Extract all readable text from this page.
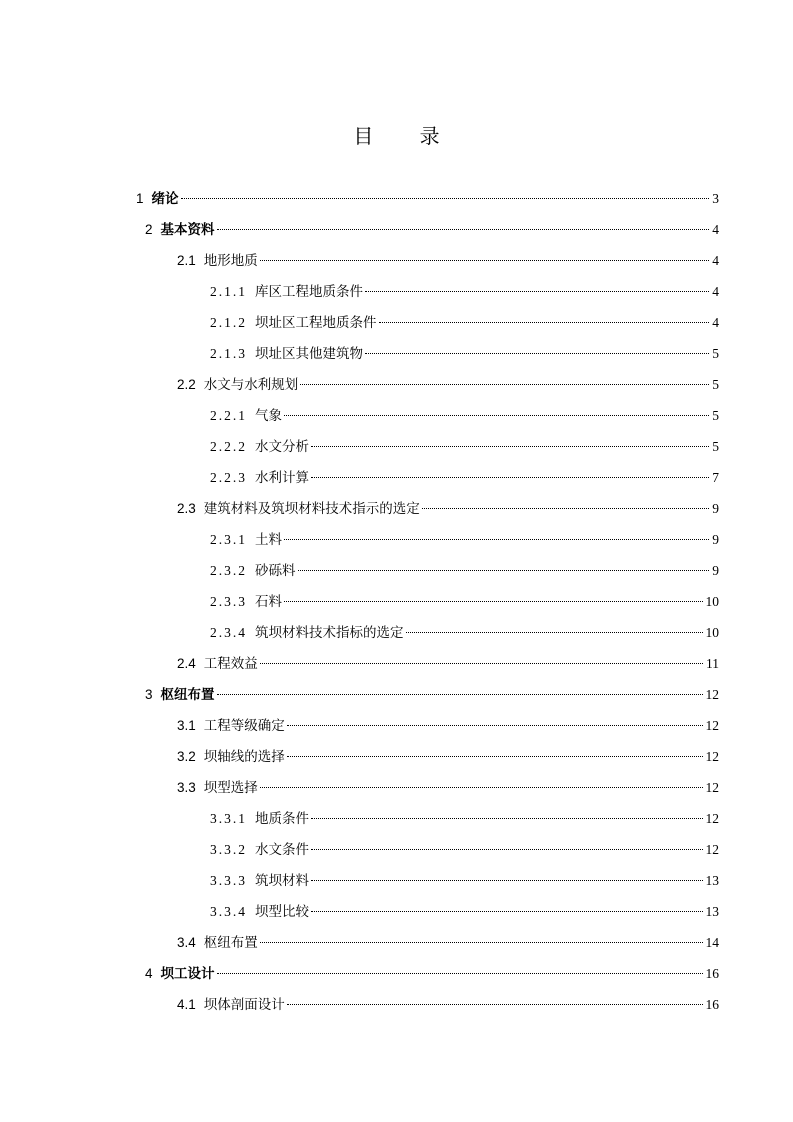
目 录
1 绪论	3
2 基本资料	4
2.1 地形地质	4
2.1.1 库区工程地质条件	4
2.1.2 坝址区工程地质条件	4
2.1.3 坝址区其他建筑物	5
2.2 水文与水利规划	5
2.2.1 气象	5
2.2.2 水文分析	5
2.2.3 水利计算	7
2.3 建筑材料及筑坝材料技术指示的选定	9
2.3.1 土料	9
2.3.2 砂砾料	9
2.3.3 石料	10
2.3.4 筑坝材料技术指标的选定	10
2.4 工程效益	11
3 枢纽布置	12
3.1 工程等级确定	12
3.2 坝轴线的选择	12
3.3 坝型选择	12
3.3.1 地质条件	12
3.3.2 水文条件	12
3.3.3 筑坝材料	13
3.3.4 坝型比较	13
3.4 枢纽布置	14
4 坝工设计	16
4.1 坝体剖面设计	16
